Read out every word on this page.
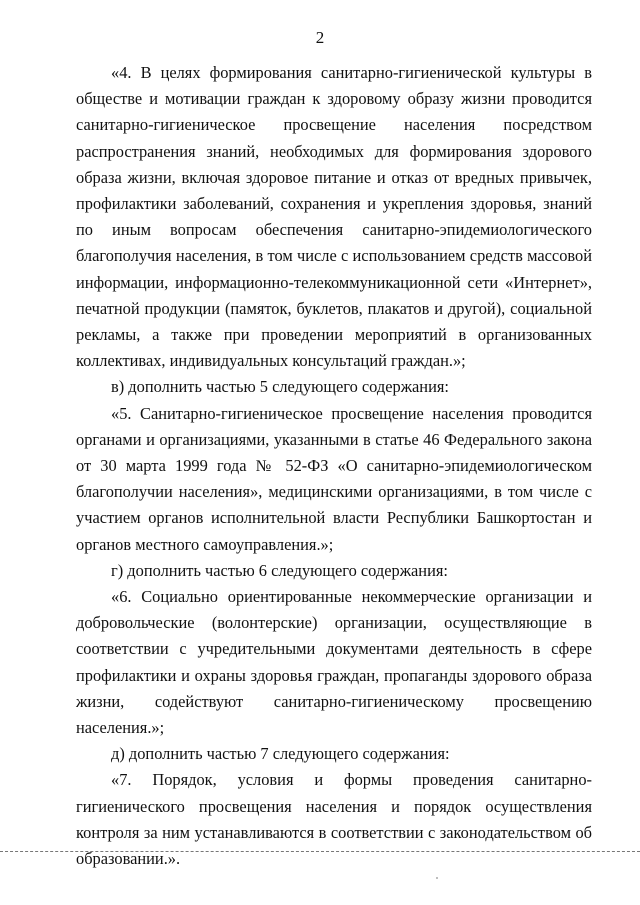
2

«4. В целях формирования санитарно-гигиенической культуры в обществе и мотивации граждан к здоровому образу жизни проводится санитарно-гигиеническое просвещение населения посредством распространения знаний, необходимых для формирования здорового образа жизни, включая здоровое питание и отказ от вредных привычек, профилактики заболеваний, сохранения и укрепления здоровья, знаний по иным вопросам обеспечения санитарно-эпидемиологического благополучия населения, в том числе с использованием средств массовой информации, информационно-телекоммуникационной сети «Интернет», печатной продукции (памяток, буклетов, плакатов и другой), социальной рекламы, а также при проведении мероприятий в организованных коллективах, индивидуальных консультаций граждан.»;

в) дополнить частью 5 следующего содержания:

«5. Санитарно-гигиеническое просвещение населения проводится органами и организациями, указанными в статье 46 Федерального закона от 30 марта 1999 года № 52-ФЗ «О санитарно-эпидемиологическом благополучии населения», медицинскими организациями, в том числе с участием органов исполнительной власти Республики Башкортостан и органов местного самоуправления.»;

г) дополнить частью 6 следующего содержания:

«6. Социально ориентированные некоммерческие организации и добровольческие (волонтерские) организации, осуществляющие в соответствии с учредительными документами деятельность в сфере профилактики и охраны здоровья граждан, пропаганды здорового образа жизни, содействуют санитарно-гигиеническому просвещению населения.»;

д) дополнить частью 7 следующего содержания:

«7. Порядок, условия и формы проведения санитарно-гигиенического просвещения населения и порядок осуществления контроля за ним устанавливаются в соответствии с законодательством об образовании.».
